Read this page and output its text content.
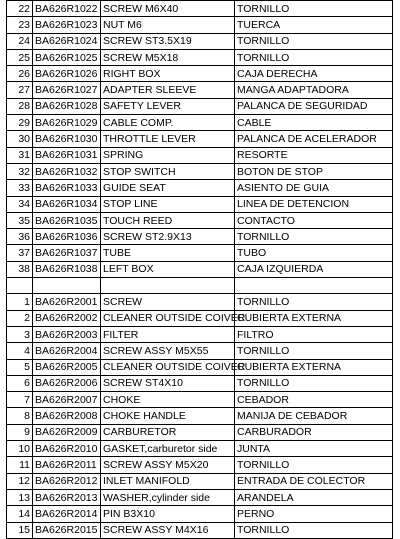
22	BA626R1022	SCREW M6X40	TORNILLO
23	BA626R1023	NUT M6	TUERCA
24	BA626R1024	SCREW ST3.5X19	TORNILLO
25	BA626R1025	SCREW M5X18	TORNILLO
26	BA626R1026	RIGHT BOX	CAJA DERECHA
27	BA626R1027	ADAPTER SLEEVE	MANGA ADAPTADORA
28	BA626R1028	SAFETY LEVER	PALANCA DE SEGURIDAD
29	BA626R1029	CABLE COMP.	CABLE
30	BA626R1030	THROTTLE LEVER	PALANCA DE ACELERADOR
31	BA626R1031	SPRING	RESORTE
32	BA626R1032	STOP SWITCH	BOTON DE STOP
33	BA626R1033	GUIDE SEAT	ASIENTO DE GUIA
34	BA626R1034	STOP LINE	LINEA DE DETENCION
35	BA626R1035	TOUCH REED	CONTACTO
36	BA626R1036	SCREW ST2.9X13	TORNILLO
37	BA626R1037	TUBE	TUBO
38	BA626R1038	LEFT BOX	CAJA IZQUIERDA

1	BA626R2001	SCREW	TORNILLO
2	BA626R2002	CLEANER OUTSIDE COIVER	CUBIERTA EXTERNA
3	BA626R2003	FILTER	FILTRO
4	BA626R2004	SCREW ASSY M5X55	TORNILLO
5	BA626R2005	CLEANER OUTSIDE COIVER	CUBIERTA EXTERNA
6	BA626R2006	SCREW ST4X10	TORNILLO
7	BA626R2007	CHOKE	CEBADOR
8	BA626R2008	CHOKE HANDLE	MANIJA DE CEBADOR
9	BA626R2009	CARBURETOR	CARBURADOR
10	BA626R2010	GASKET,carburetor side	JUNTA
11	BA626R2011	SCREW ASSY M5X20	TORNILLO
12	BA626R2012	INLET MANIFOLD	ENTRADA DE COLECTOR
13	BA626R2013	WASHER,cylinder side	ARANDELA
14	BA626R2014	PIN B3X10	PERNO
15	BA626R2015	SCREW ASSY M4X16	TORNILLO
